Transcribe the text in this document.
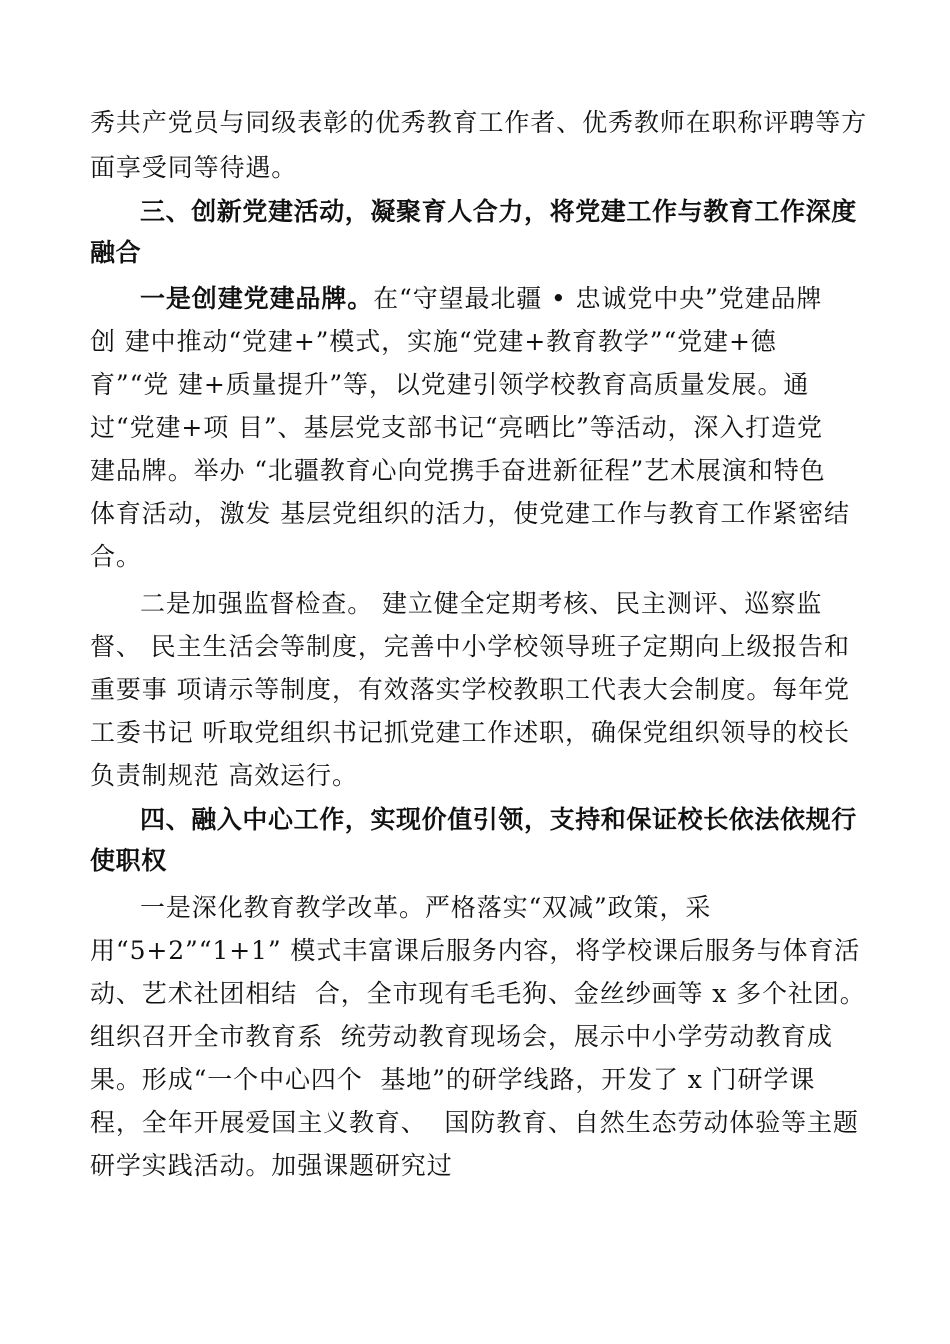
秀共产党员与同级表彰的优秀教育工作者、优秀教师在职称评聘等方
面享受同等待遇。
三、创新党建活动，凝聚育人合力，将党建工作与教育工作深度
融合
一是创建党建品牌。在“守望最北疆 • 忠诚党中央”党建品牌
创 建中推动“党建+”模式，实施“党建+教育教学”“党建+德
育”“党 建+质量提升”等，以党建引领学校教育高质量发展。通
过“党建+项 目”、基层党支部书记“亮晒比”等活动，深入打造党
建品牌。举办 “北疆教育心向党携手奋进新征程”艺术展演和特色
体育活动，激发 基层党组织的活力，使党建工作与教育工作紧密结
合。
二是加强监督检查。 建立健全定期考核、民主测评、巡察监
督、 民主生活会等制度，完善中小学校领导班子定期向上级报告和
重要事 项请示等制度，有效落实学校教职工代表大会制度。每年党
工委书记 听取党组织书记抓党建工作述职，确保党组织领导的校长
负责制规范 高效运行。
四、融入中心工作，实现价值引领，支持和保证校长依法依规行
使职权
一是深化教育教学改革。严格落实“双减”政策，采
用“5+2”“1+1” 模式丰富课后服务内容，将学校课后服务与体育活
动、艺术社团相结  合，全市现有毛毛狗、金丝纱画等 x 多个社团。
组织召开全市教育系  统劳动教育现场会，展示中小学劳动教育成
果。形成“一个中心四个  基地”的研学线路，开发了 x 门研学课
程，全年开展爱国主义教育、  国防教育、自然生态劳动体验等主题
研学实践活动。加强课题研究过
